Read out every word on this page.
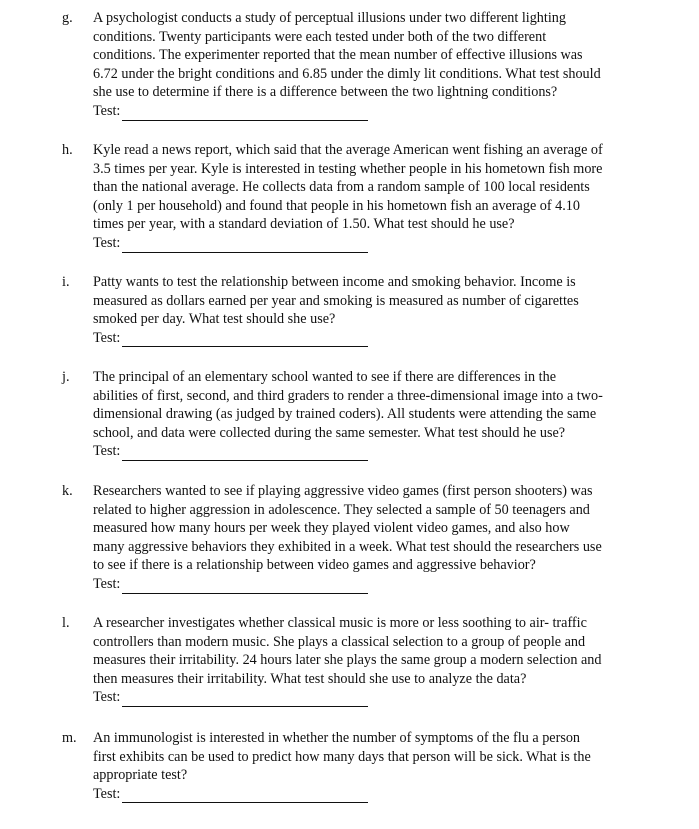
g. A psychologist conducts a study of perceptual illusions under two different lighting
conditions. Twenty participants were each tested under both of the two different
conditions. The experimenter reported that the mean number of effective illusions was
6.72 under the bright conditions and 6.85 under the dimly lit conditions. What test should
she use to determine if there is a difference between the two lightning conditions?
Test:
h. Kyle read a news report, which said that the average American went fishing an average of
3.5 times per year. Kyle is interested in testing whether people in his hometown fish more
than the national average. He collects data from a random sample of 100 local residents
(only 1 per household) and found that people in his hometown fish an average of 4.10
times per year, with a standard deviation of 1.50. What test should he use?
Test:
i. Patty wants to test the relationship between income and smoking behavior. Income is
measured as dollars earned per year and smoking is measured as number of cigarettes
smoked per day. What test should she use?
Test:
j. The principal of an elementary school wanted to see if there are differences in the
abilities of first, second, and third graders to render a three-dimensional image into a two-
dimensional drawing (as judged by trained coders). All students were attending the same
school, and data were collected during the same semester. What test should he use?
Test:
k. Researchers wanted to see if playing aggressive video games (first person shooters) was
related to higher aggression in adolescence. They selected a sample of 50 teenagers and
measured how many hours per week they played violent video games, and also how
many aggressive behaviors they exhibited in a week. What test should the researchers use
to see if there is a relationship between video games and aggressive behavior?
Test:
l. A researcher investigates whether classical music is more or less soothing to air- traffic
controllers than modern music. She plays a classical selection to a group of people and
measures their irritability. 24 hours later she plays the same group a modern selection and
then measures their irritability. What test should she use to analyze the data?
Test:
m. An immunologist is interested in whether the number of symptoms of the flu a person
first exhibits can be used to predict how many days that person will be sick. What is the
appropriate test?
Test:
